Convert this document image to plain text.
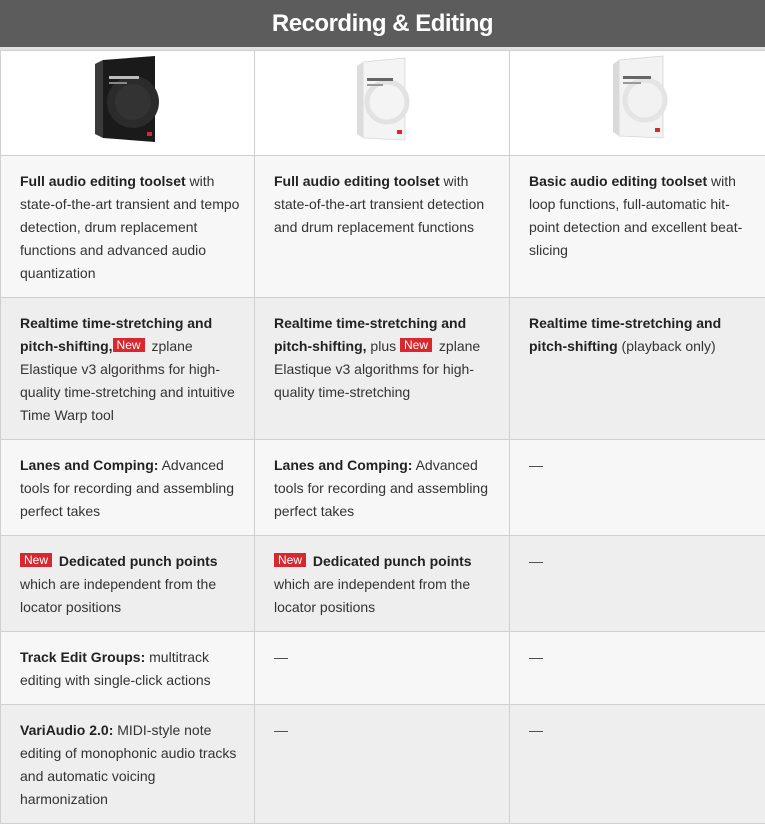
Recording & Editing

Full audio editing toolset with state-of-the-art transient and tempo detection, drum replacement functions and advanced audio quantization	Full audio editing toolset with state-of-the-art transient detection and drum replacement functions	Basic audio editing toolset with loop functions, full-automatic hit-point detection and excellent beat-slicing
Realtime time-stretching and pitch-shifting, New zplane Elastique v3 algorithms for high-quality time-stretching and intuitive Time Warp tool	Realtime time-stretching and pitch-shifting, plus New zplane Elastique v3 algorithms for high-quality time-stretching	Realtime time-stretching and pitch-shifting (playback only)
Lanes and Comping: Advanced tools for recording and assembling perfect takes	Lanes and Comping: Advanced tools for recording and assembling perfect takes	—
New Dedicated punch points which are independent from the locator positions	New Dedicated punch points which are independent from the locator positions	—
Track Edit Groups: multitrack editing with single-click actions	—	—
VariAudio 2.0: MIDI-style note editing of monophonic audio tracks and automatic voicing harmonization	—	—
